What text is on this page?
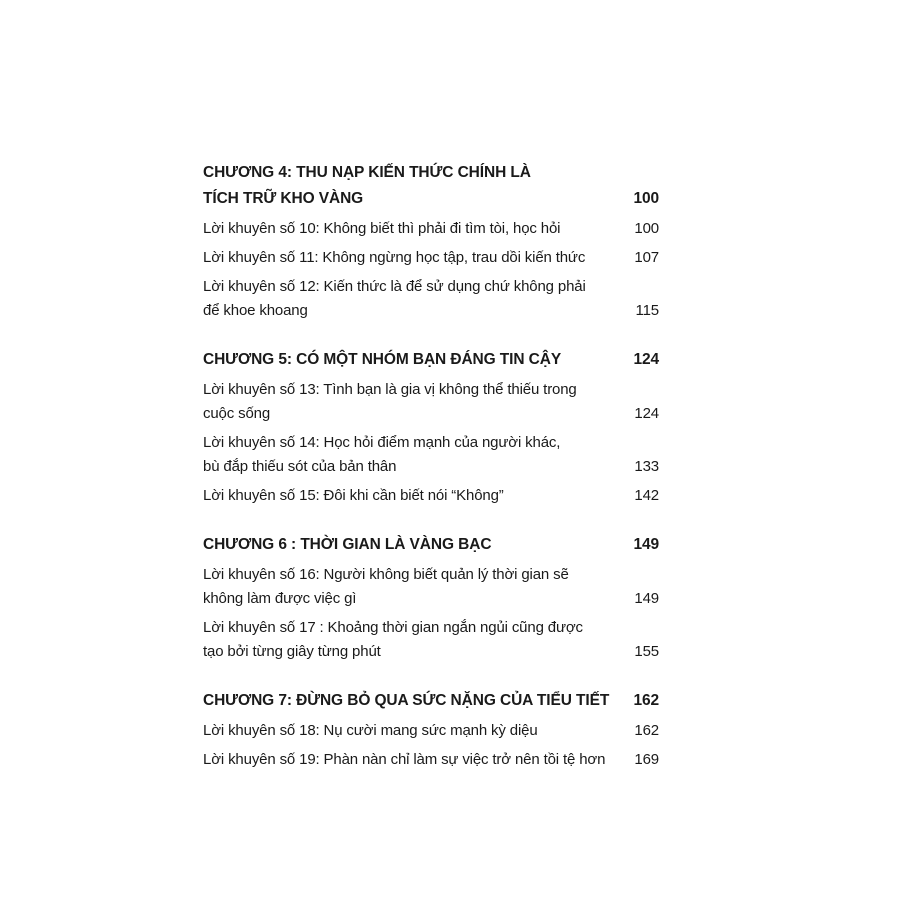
CHƯƠNG 4: THU NẠP KIẾN THỨC CHÍNH LÀ
TÍCH TRỮ KHO VÀNG	100
Lời khuyên số 10: Không biết thì phải đi tìm tòi, học hỏi	100
Lời khuyên số 11: Không ngừng học tập, trau dồi kiến thức	107
Lời khuyên số 12: Kiến thức là để sử dụng chứ không phải
để khoe khoang	115
CHƯƠNG 5: CÓ MỘT NHÓM BẠN ĐÁNG TIN CẬY	124
Lời khuyên số 13: Tình bạn là gia vị không thể thiếu trong
cuộc sống	124
Lời khuyên số 14: Học hỏi điểm mạnh của người khác,
bù đắp thiếu sót của bản thân	133
Lời khuyên số 15: Đôi khi cần biết nói “Không”	142
CHƯƠNG 6 : THỜI GIAN LÀ VÀNG BẠC	149
Lời khuyên số 16: Người không biết quản lý thời gian sẽ
không làm được việc gì	149
Lời khuyên số 17 : Khoảng thời gian ngắn ngủi cũng được
tạo bởi từng giây từng phút	155
CHƯƠNG 7: ĐỪNG BỎ QUA SỨC NẶNG CỦA TIỂU TIẾT	162
Lời khuyên số 18: Nụ cười mang sức mạnh kỳ diệu	162
Lời khuyên số 19: Phàn nàn chỉ làm sự việc trở nên tồi tệ hơn	169
